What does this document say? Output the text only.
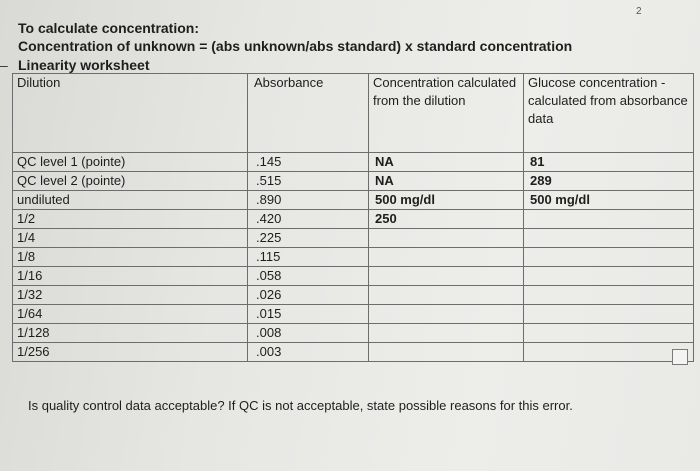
2
To calculate concentration:
Concentration of unknown = (abs unknown/abs standard) x standard concentration
– Linearity worksheet
Dilution	Absorbance	Concentration calculated from the dilution	Glucose concentration - calculated from absorbance data
QC level 1 (pointe)	.145	NA	81
QC level 2 (pointe)	.515	NA	289
undiluted	.890	500 mg/dl	500 mg/dl
1/2	.420	250	
1/4	.225		
1/8	.115		
1/16	.058		
1/32	.026		
1/64	.015		
1/128	.008		
1/256	.003		
Is quality control data acceptable? If QC is not acceptable, state possible reasons for this error.
